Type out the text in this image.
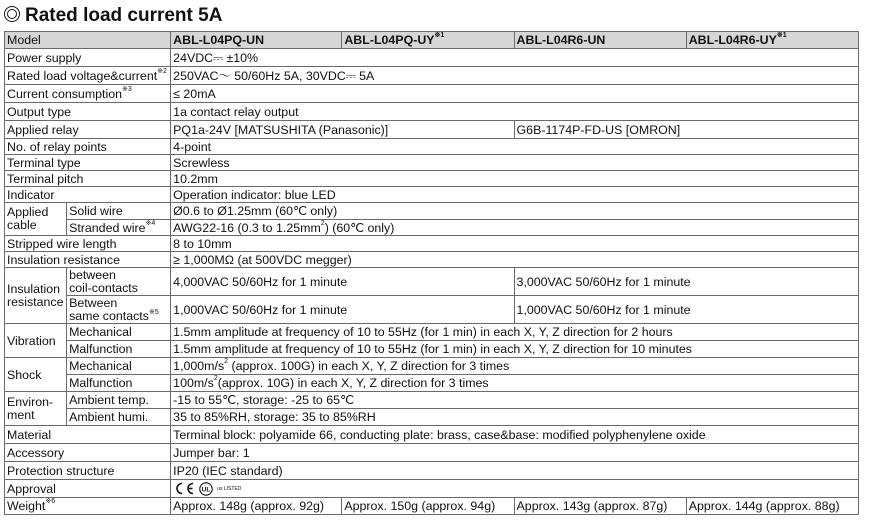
Rated load current 5A
Model		ABL-L04PQ-UN	ABL-L04PQ-UY$^{※1}$	ABL-L04R6-UN	ABL-L04R6-UY$^{※1}$
Power supply		24VDC⎓ ±10%			
Rated load voltage&current$^{※2}$		250VAC～ 50/60Hz 5A, 30VDC⎓ 5A			
Current consumption$^{※3}$		≤ 20mA			
Output type		1a contact relay output			
Applied relay		PQ1a-24V [MATSUSHITA (Panasonic)]		G6B-1174P-FD-US [OMRON]	
No. of relay points		4-point			
Terminal type		Screwless			
Terminal pitch		10.2mm			
Indicator		Operation indicator: blue LED			
Applied
cable	Solid wire	Ø0.6 to Ø1.25mm (60℃ only)			
	Stranded wire$^{※4}$	AWG22-16 (0.3 to $1.25mm^2$) (60℃ only)			
Stripped wire length		8 to 10mm			
Insulation resistance		≥ 1,000MΩ (at 500VDC megger)			
Insulation
resistance	between
coil-contacts	4,000VAC 50/60Hz for 1 minute		3,000VAC 50/60Hz for 1 minute	
	Between
same contacts$^{※5}$	1,000VAC 50/60Hz for 1 minute		1,000VAC 50/60Hz for 1 minute	
Vibration	Mechanical	1.5mm amplitude at frequency of 10 to 55Hz (for 1 min) in each X, Y, Z direction for 2 hours			
	Malfunction	1.5mm amplitude at frequency of 10 to 55Hz (for 1 min) in each X, Y, Z direction for 10 minutes			
Shock	Mechanical	$1,000m/s^2$ (approx. 100G) in each X, Y, Z direction for 3 times			
	Malfunction	$100m/s^2(approx$. 10G) in each X, Y, Z direction for 3 times			
Environ-
ment	Ambient temp.	-15 to 55℃, storage: -25 to 65℃			
	Ambient humi.	35 to 85%RH, storage: 35 to 85%RH			
Material		Terminal block: polyamide 66, conducting plate: brass, case&base: modified polyphenylene oxide			
Accessory		Jumper bar: 1			
Protection structure		IP20 (IEC standard)			
Approval		UL us LISTED			

Weight$^{※6}$		Approx. 148g (approx. 92g)	Approx. 150g (approx. 94g)	Approx. 143g (approx. 87g)	Approx. 144g (approx. 88g)
